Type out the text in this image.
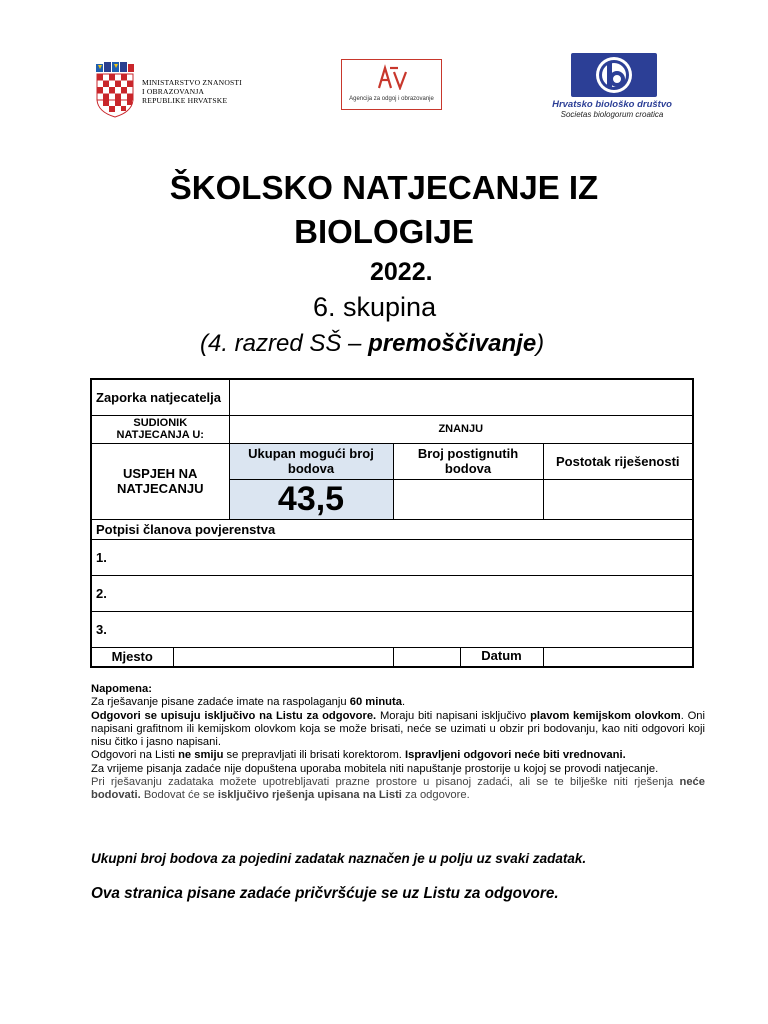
MINISTARSTVO ZNANOSTI
I OBRAZOVANJA
REPUBLIKE HRVATSKE	Agencija za odgoj i obrazovanje	Hrvatsko biološko društvo
Societas biologorum croatica
ŠKOLSKO NATJECANJE IZ
BIOLOGIJE
2022.
6. skupina
(4. razred SŠ – premoščivanje)
Zaporka natjecatelja				
SUDIONIK NATJECANJA U:		ZNANJU		
USPJEH NA NATJECANJU		Ukupan mogući broj bodova	Broj postignutih bodova	Postotak riješenosti
		43,5		
Potpisi članova povjerenstva				
1.				
2.				
3.				
Mjesto			Datum	

Napomena:

Za rješavanje pisane zadaće imate na raspolaganju 60 minuta.

Odgovori se upisuju isključivo na Listu za odgovore. Moraju biti napisani isključivo plavom kemijskom olovkom. Oni napisani grafitnom ili kemijskom olovkom koja se može brisati, neće se uzimati u obzir pri bodovanju, kao niti odgovori koji nisu čitko i jasno napisani.

Odgovori na Listi ne smiju se prepravljati ili brisati korektorom. Ispravljeni odgovori neće biti vrednovani.

Za vrijeme pisanja zadaće nije dopuštena uporaba mobitela niti napuštanje prostorije u kojoj se provodi natjecanje.

Pri rješavanju zadataka možete upotrebljavati prazne prostore u pisanoj zadaći, ali se te bilješke niti rješenja neće bodovati. Bodovat će se isključivo rješenja upisana na Listi za odgovore.

Ukupni broj bodova za pojedini zadatak naznačen je u polju uz svaki zadatak.
Ova stranica pisane zadaće pričvršćuje se uz Listu za odgovore.
